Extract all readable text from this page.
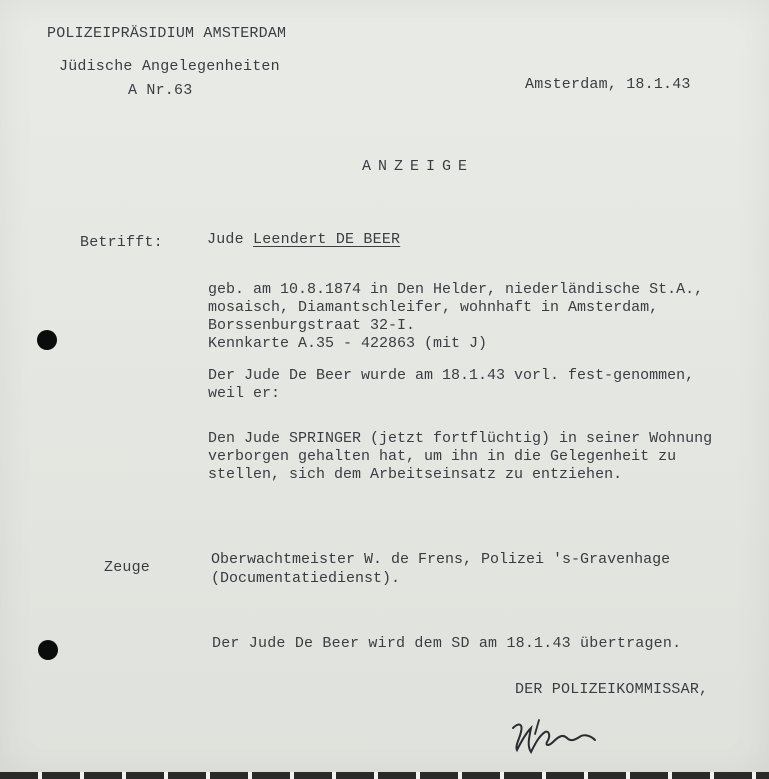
POLIZEIPRÄSIDIUM AMSTERDAM
Jüdische Angelegenheiten
A Nr.63	Amsterdam, 18.1.43
ANZEIGE
Betrifft:	Jude Leendert DE BEER
geb. am 10.8.1874 in Den Helder, niederländische St.A.,
mosaisch, Diamantschleifer, wohnhaft in Amsterdam,
Borssenburgstraat 32-I.
Kennkarte A.35 - 422863 (mit J)
Der Jude De Beer wurde am 18.1.43 vorl. fest-genommen,
weil er:
Den Jude SPRINGER (jetzt fortflüchtig) in seiner Wohnung
verborgen gehalten hat, um ihn in die Gelegenheit zu
stellen, sich dem Arbeitseinsatz zu entziehen.
Zeuge	Oberwachtmeister W. de Frens, Polizei 's-Gravenhage
(Documentatiedienst).
Der Jude De Beer wird dem SD am 18.1.43 übertragen.
DER POLIZEIKOMMISSAR,
